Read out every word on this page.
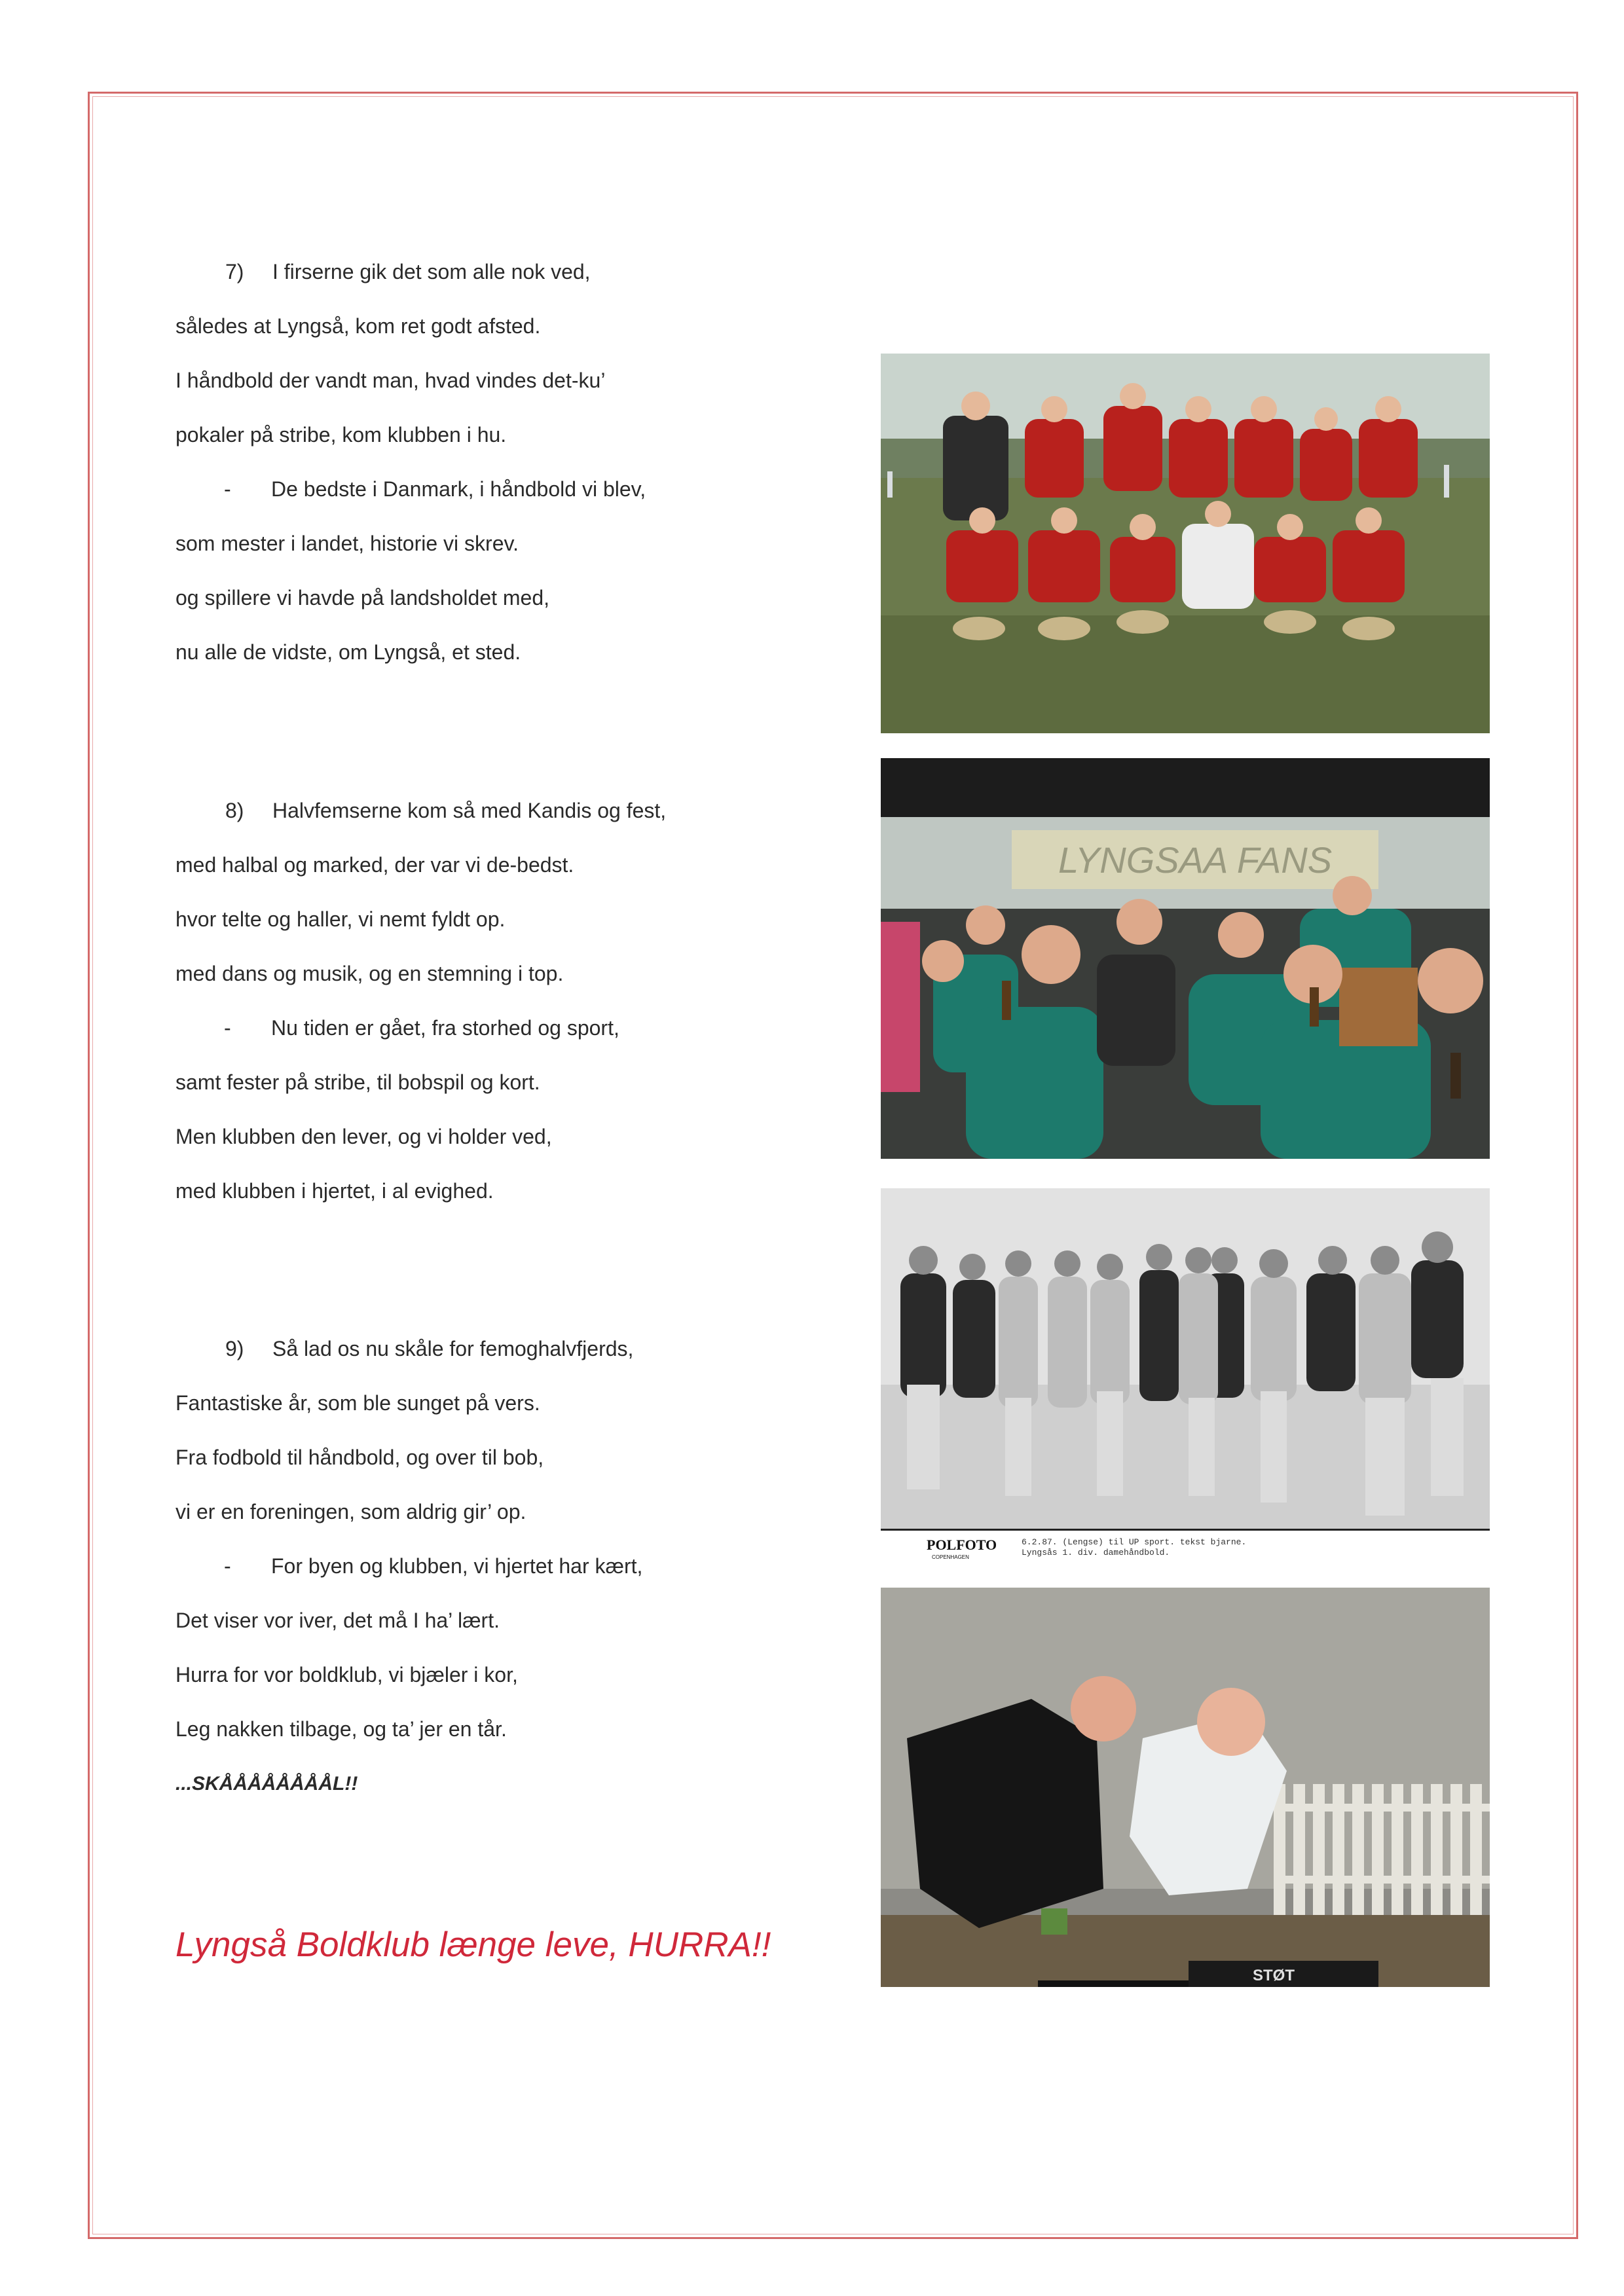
7) I firserne gik det som alle nok ved,
således at Lyngså, kom ret godt afsted.
I håndbold der vandt man, hvad vindes det-ku’
pokaler på stribe, kom klubben i hu.
- De bedste i Danmark, i håndbold vi blev,
som mester i landet, historie vi skrev.
og spillere vi havde på landsholdet med,
nu alle de vidste, om Lyngså, et sted.
8) Halvfemserne kom så med Kandis og fest,
med halbal og marked, der var vi de-bedst.
hvor telte og haller, vi nemt fyldt op.
med dans og musik, og en stemning i top.
- Nu tiden er gået, fra storhed og sport,
samt fester på stribe, til bobspil og kort.
Men klubben den lever, og vi holder ved,
med klubben i hjertet, i al evighed.
9) Så lad os nu skåle for femoghalvfjerds,
Fantastiske år, som ble sunget på vers.
Fra fodbold til håndbold, og over til bob,
vi er en foreningen, som aldrig gir’ op.
- For byen og klubben, vi hjertet har kært,
Det viser vor iver, det må I ha’ lært.
Hurra for vor boldklub, vi bjæler i kor,
Leg nakken tilbage, og ta’ jer en tår.
...SKÅÅÅÅÅÅÅÅL!!
Lyngså Boldklub længe leve, HURRA!!
LYNGSAA FANS
POLFOTO
COPENHAGEN
6.2.87. (Lengse) til UP sport. tekst bjarne.
Lyngsås 1. div. damehåndbold.
STØT
